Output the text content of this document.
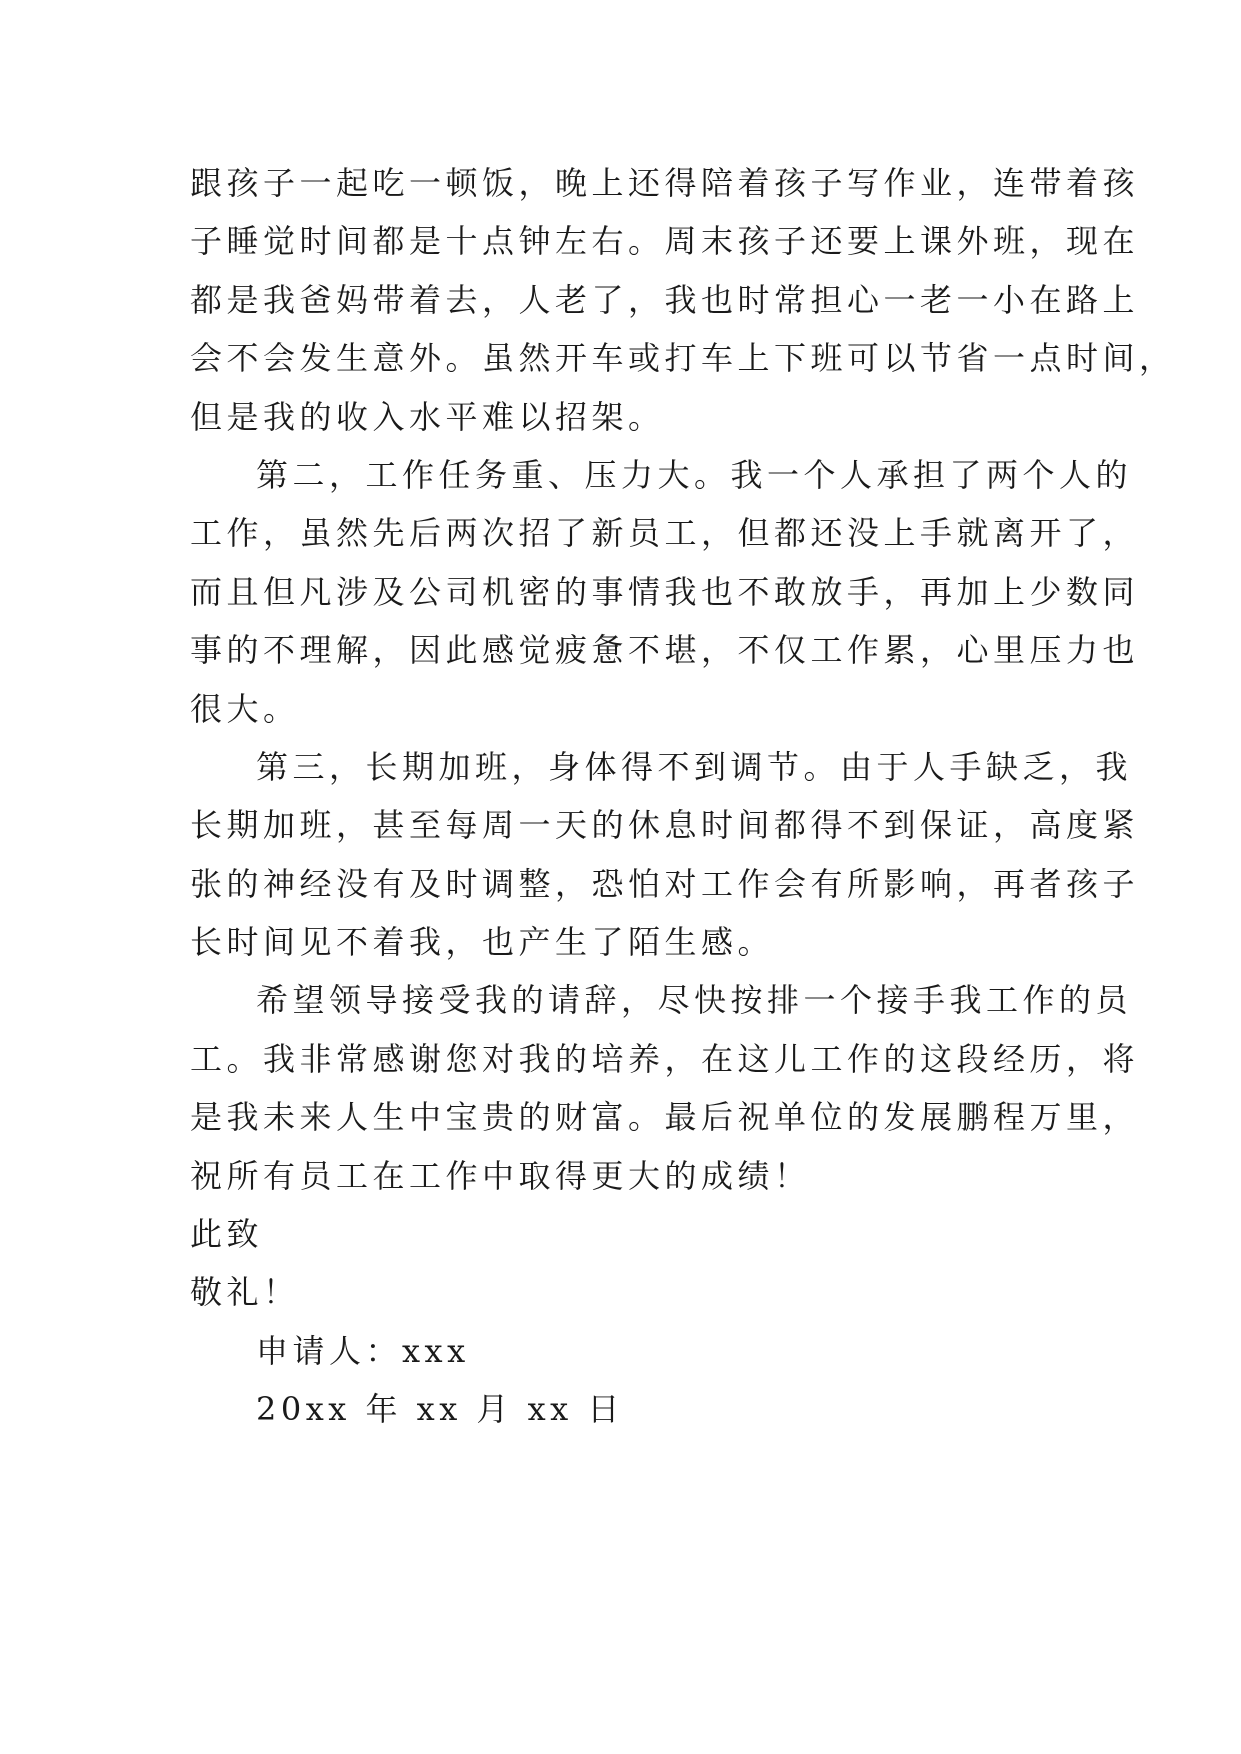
跟孩子一起吃一顿饭，晚上还得陪着孩子写作业，连带着孩
子睡觉时间都是十点钟左右。周末孩子还要上课外班，现在
都是我爸妈带着去，人老了，我也时常担心一老一小在路上
会不会发生意外。虽然开车或打车上下班可以节省一点时间，
但是我的收入水平难以招架。
第二，工作任务重、压力大。我一个人承担了两个人的
工作，虽然先后两次招了新员工，但都还没上手就离开了，
而且但凡涉及公司机密的事情我也不敢放手，再加上少数同
事的不理解，因此感觉疲惫不堪，不仅工作累，心里压力也
很大。
第三，长期加班，身体得不到调节。由于人手缺乏，我
长期加班，甚至每周一天的休息时间都得不到保证，高度紧
张的神经没有及时调整，恐怕对工作会有所影响，再者孩子
长时间见不着我，也产生了陌生感。
希望领导接受我的请辞，尽快按排一个接手我工作的员
工。我非常感谢您对我的培养，在这儿工作的这段经历，将
是我未来人生中宝贵的财富。最后祝单位的发展鹏程万里，
祝所有员工在工作中取得更大的成绩！
此致
敬礼！
申请人：xxx
20xx 年 xx 月 xx 日
